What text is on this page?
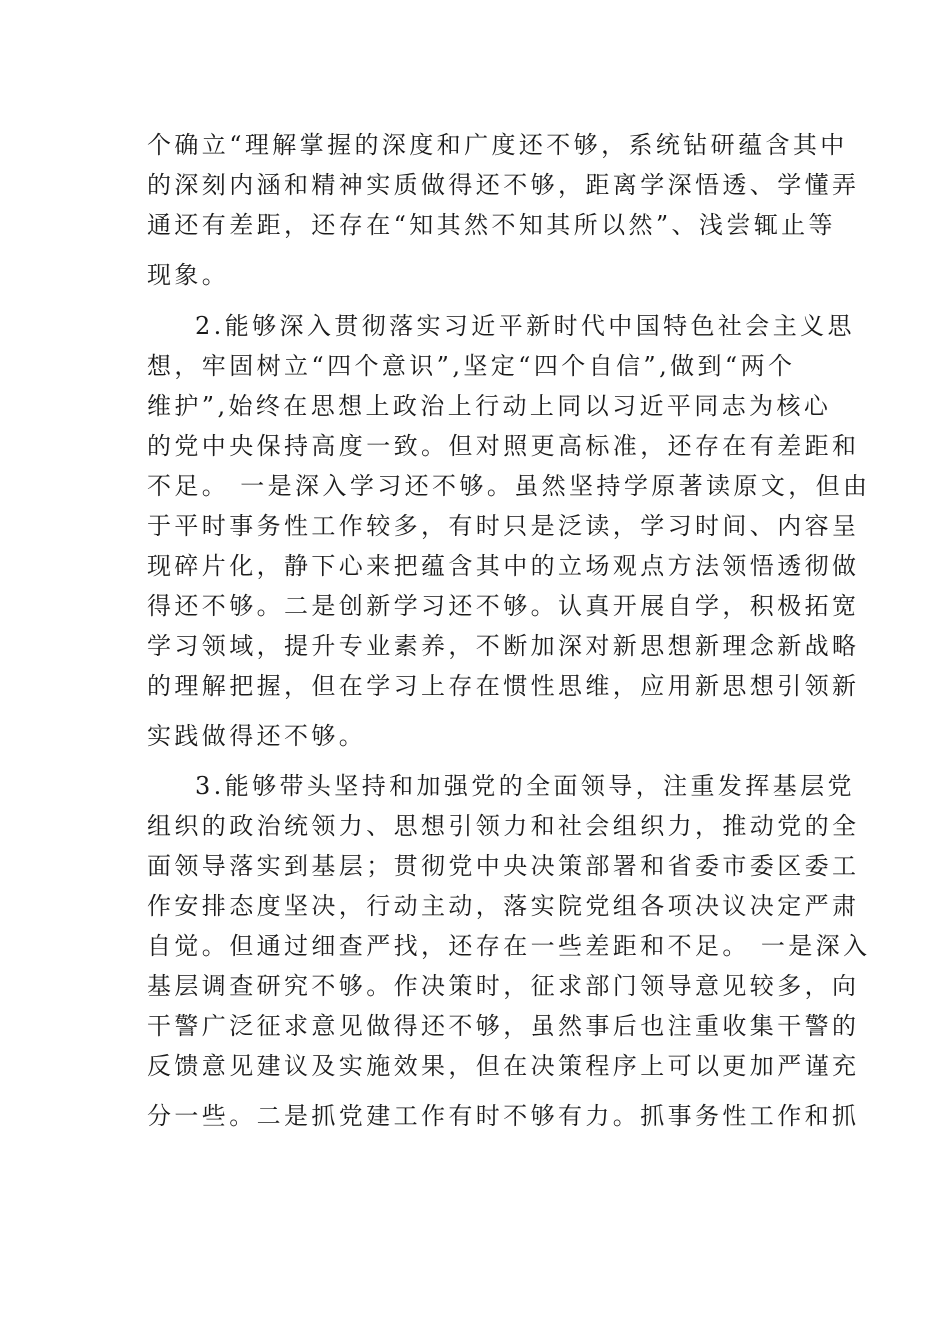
个确立“理解掌握的深度和广度还不够，系统钻研蕴含其中
的深刻内涵和精神实质做得还不够，距离学深悟透、学懂弄
通还有差距，还存在“知其然不知其所以然”、浅尝辄止等
现象。
2.能够深入贯彻落实习近平新时代中国特色社会主义思
想，牢固树立“四个意识”,坚定“四个自信”,做到“两个
维护”,始终在思想上政治上行动上同以习近平同志为核心
的党中央保持高度一致。但对照更高标准，还存在有差距和
不足。 一是深入学习还不够。虽然坚持学原著读原文，但由
于平时事务性工作较多，有时只是泛读，学习时间、内容呈
现碎片化，静下心来把蕴含其中的立场观点方法领悟透彻做
得还不够。二是创新学习还不够。认真开展自学，积极拓宽
学习领域，提升专业素养，不断加深对新思想新理念新战略
的理解把握，但在学习上存在惯性思维，应用新思想引领新
实践做得还不够。
3.能够带头坚持和加强党的全面领导，注重发挥基层党
组织的政治统领力、思想引领力和社会组织力，推动党的全
面领导落实到基层；贯彻党中央决策部署和省委市委区委工
作安排态度坚决，行动主动，落实院党组各项决议决定严肃
自觉。但通过细查严找，还存在一些差距和不足。 一是深入
基层调查研究不够。作决策时，征求部门领导意见较多，向
干警广泛征求意见做得还不够，虽然事后也注重收集干警的
反馈意见建议及实施效果，但在决策程序上可以更加严谨充
分一些。二是抓党建工作有时不够有力。抓事务性工作和抓
